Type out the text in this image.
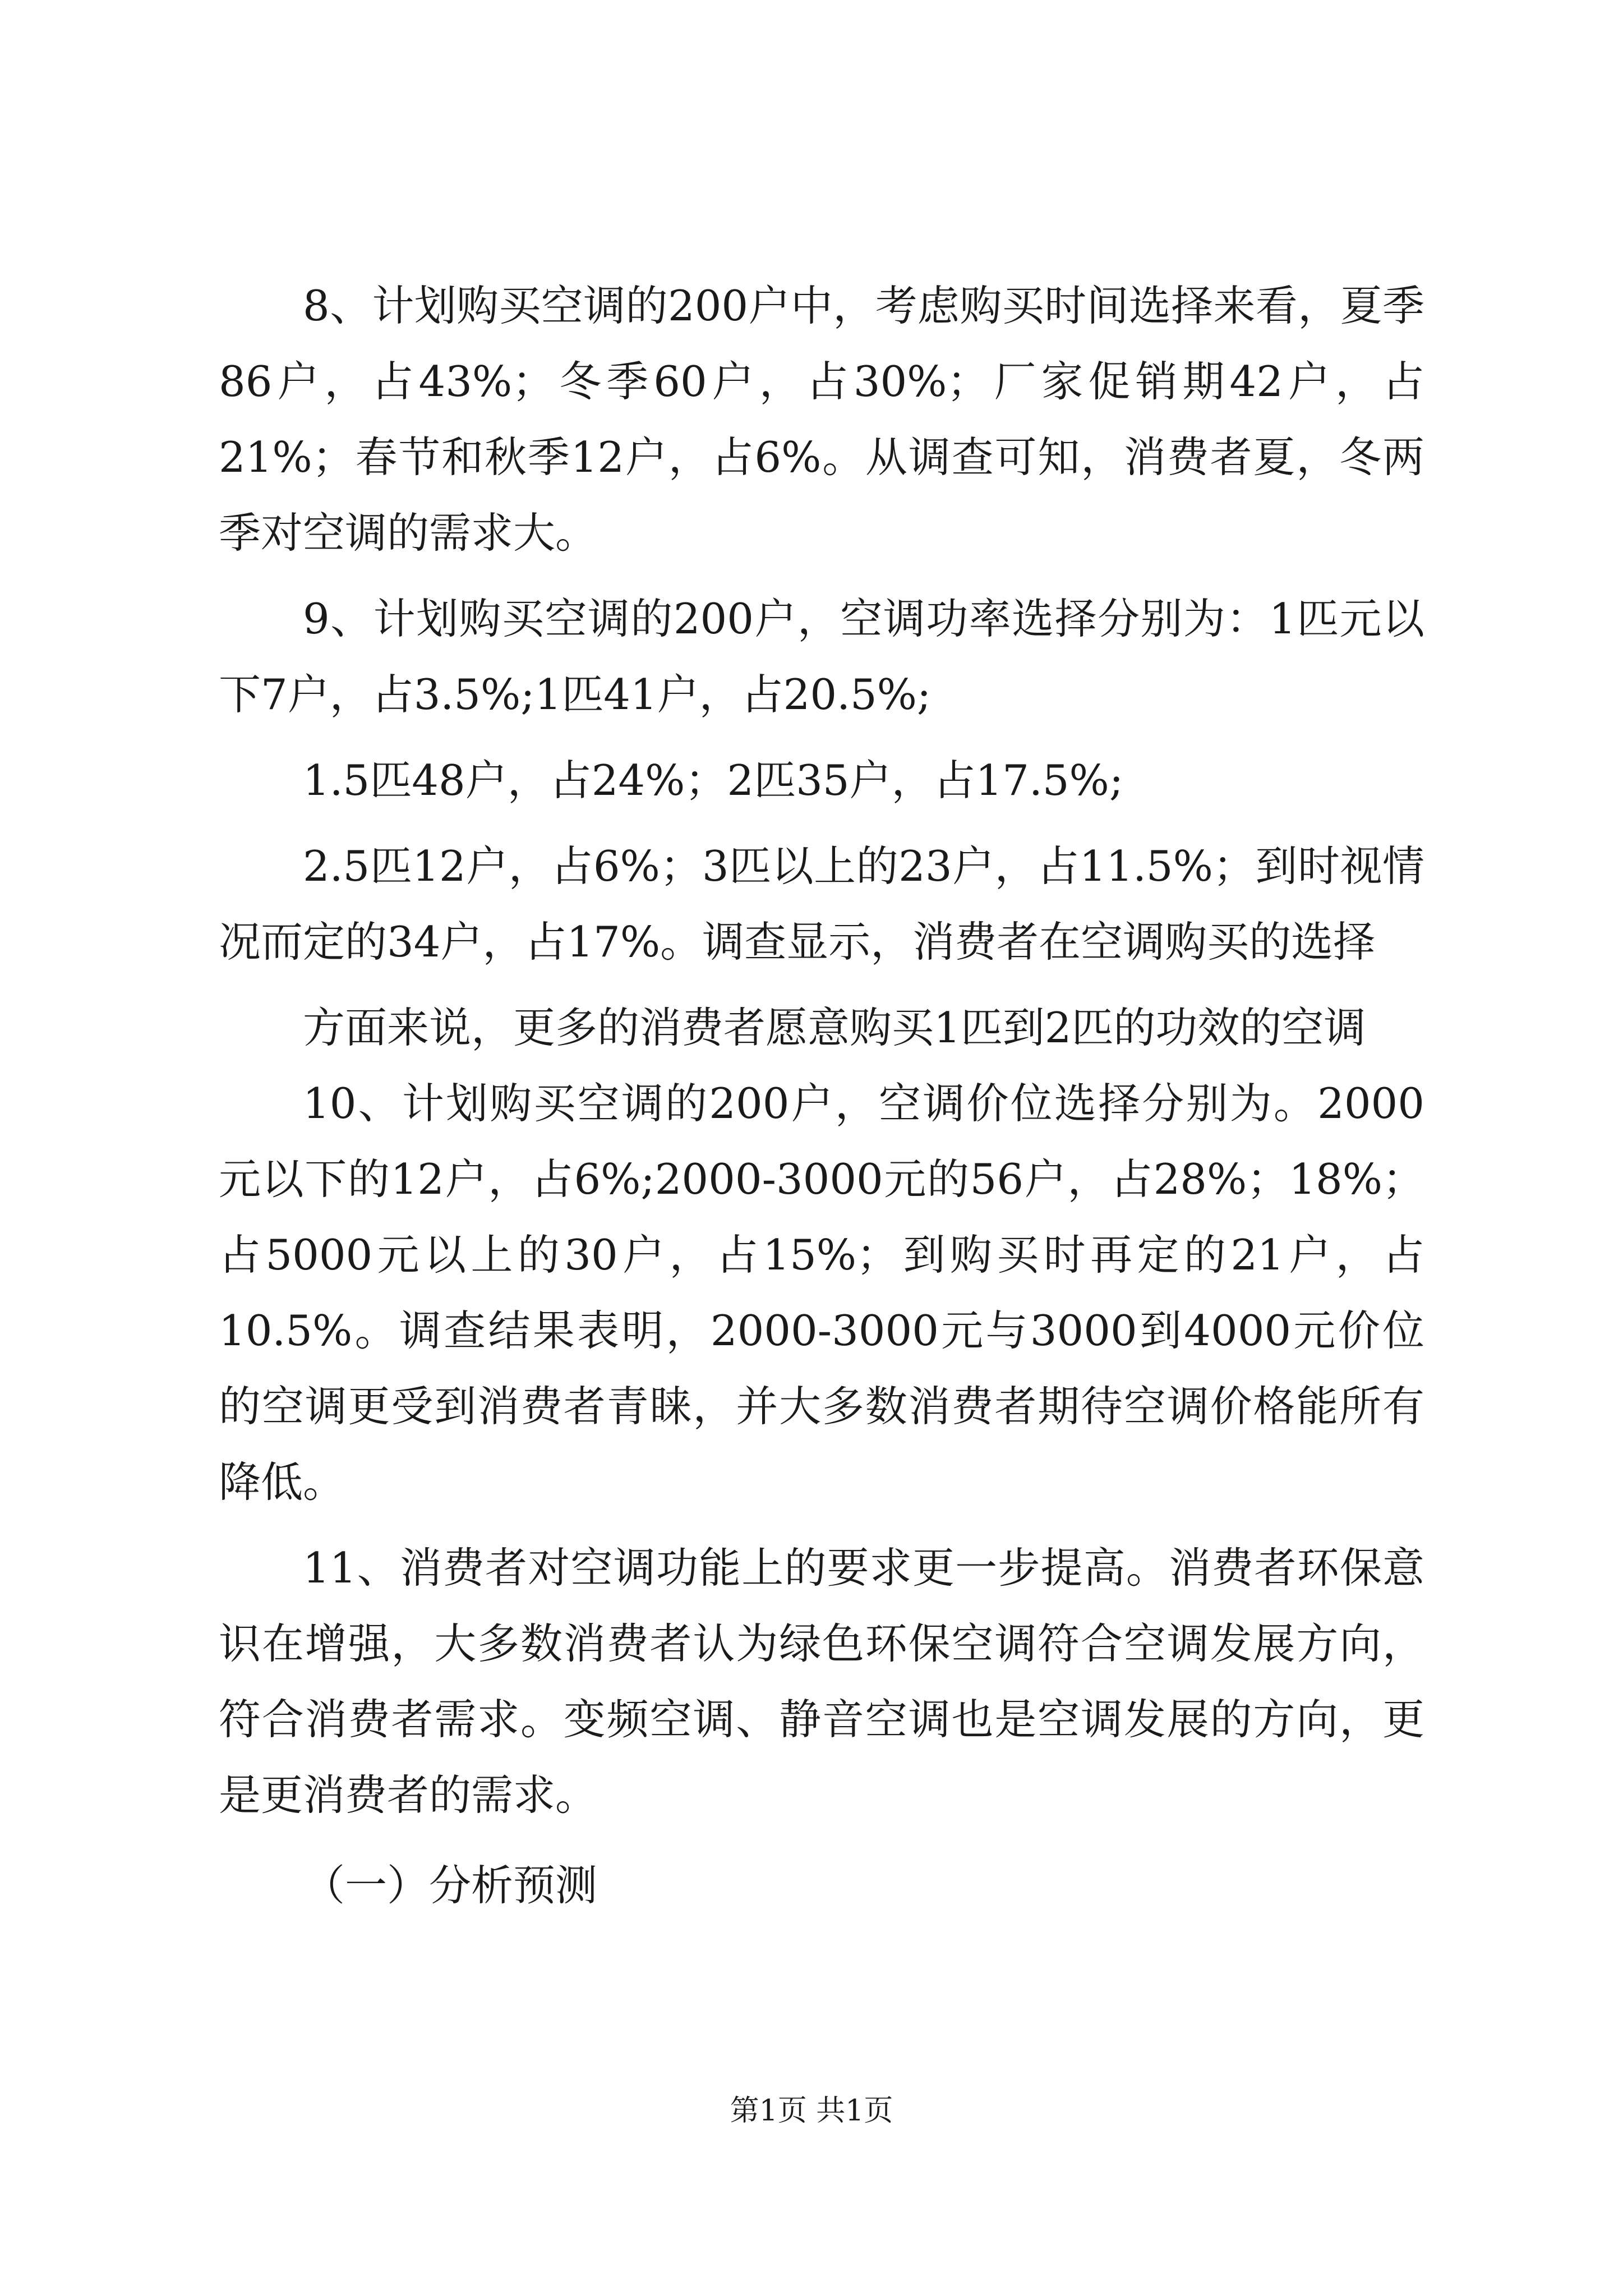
8、计划购买空调的200户中，考虑购买时间选择来看，夏季86户，占43%；冬季60户，占30%；厂家促销期42户，占21%；春节和秋季12户，占6%。从调查可知，消费者夏，冬两季对空调的需求大。

9、计划购买空调的200户，空调功率选择分别为：1匹元以下7户，占3.5%;1匹41户，占20.5%;

1.5匹48户，占24%；2匹35户，占17.5%;

2.5匹12户，占6%；3匹以上的23户，占11.5%；到时视情况而定的34户，占17%。调查显示，消费者在空调购买的选择

方面来说，更多的消费者愿意购买1匹到2匹的功效的空调

10、计划购买空调的200户，空调价位选择分别为。2000元以下的12户，占6%;2000-3000元的56户，占28%；18%；占5000元以上的30户，占15%；到购买时再定的21户，占10.5%。调查结果表明，2000-3000元与3000到4000元价位的空调更受到消费者青睐，并大多数消费者期待空调价格能所有降低。

11、消费者对空调功能上的要求更一步提高。消费者环保意识在增强，大多数消费者认为绿色环保空调符合空调发展方向，符合消费者需求。变频空调、静音空调也是空调发展的方向，更是更消费者的需求。

（一）分析预测

第1页 共1页
